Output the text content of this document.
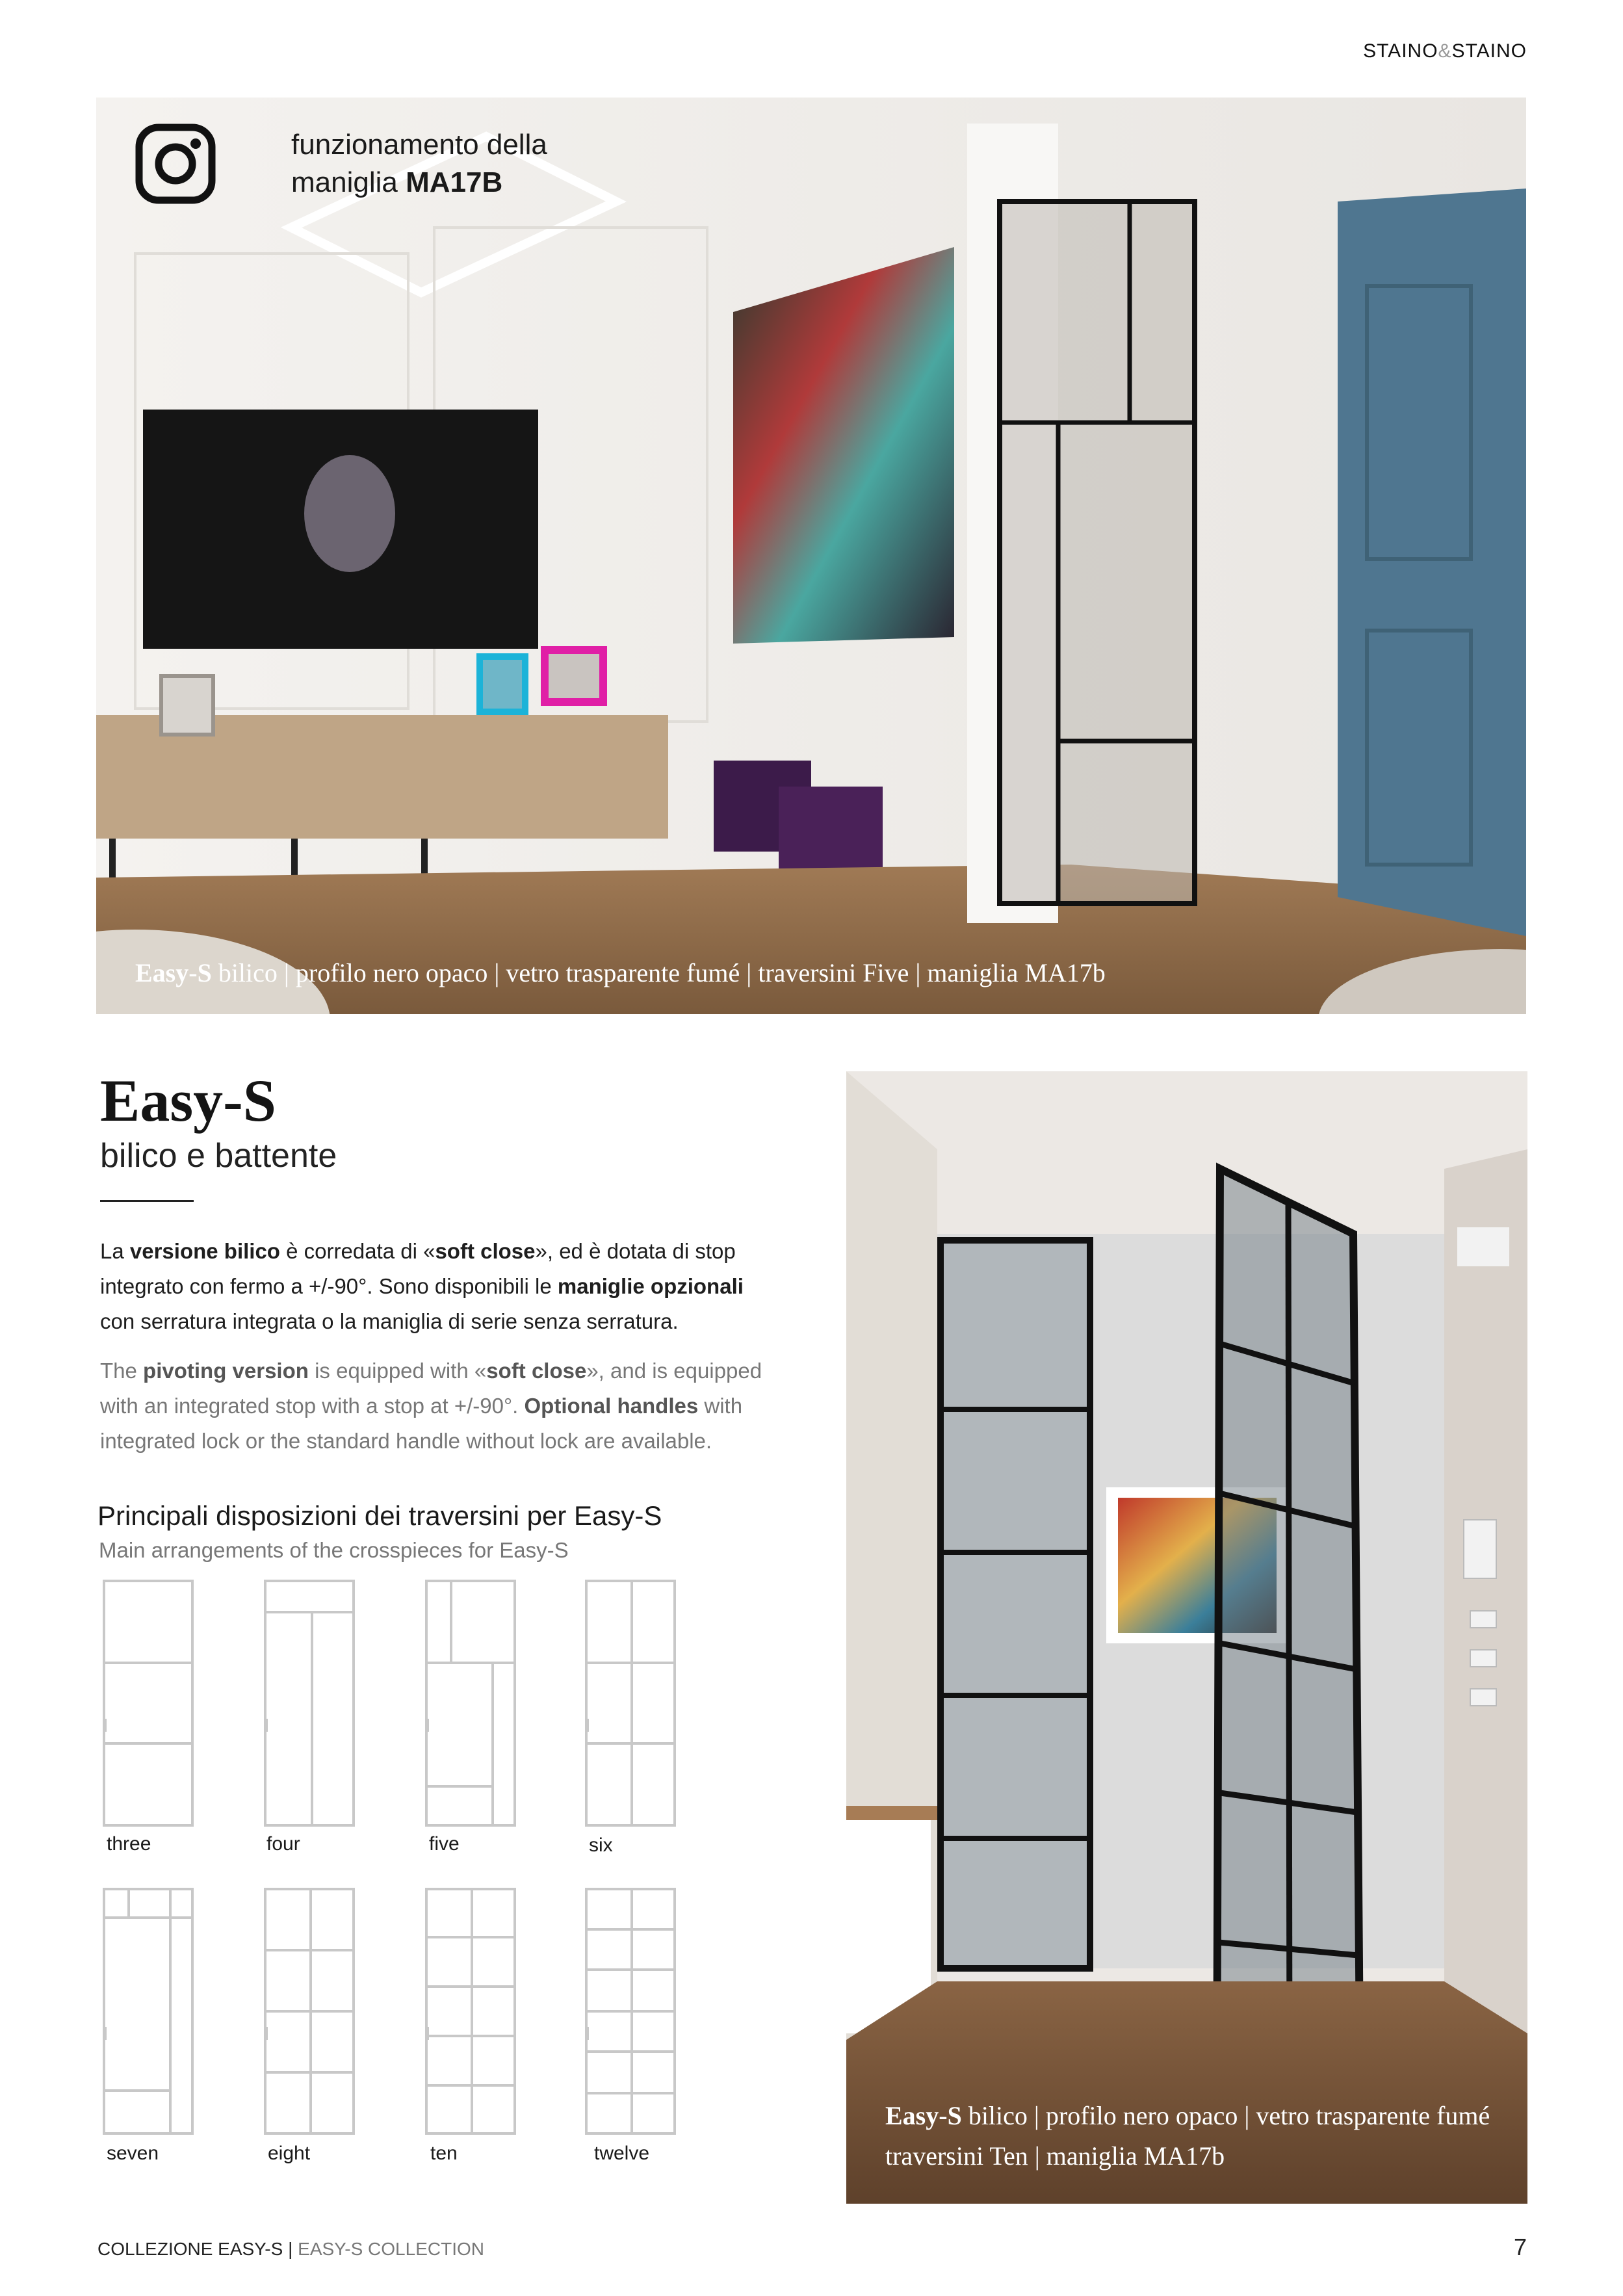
STAINO&STAINO
funzionamento della
maniglia MA17B
Easy-S bilico | profilo nero opaco | vetro trasparente fumé | traversini Five | maniglia MA17b
Easy-S
bilico e battente
La versione bilico è corredata di «soft close», ed è dotata di stop integrato con fermo a +/-90°. Sono disponibili le maniglie opzionali con serratura integrata o la maniglia di serie senza serratura.
The pivoting version is equipped with «soft close», and is equipped with an integrated stop with a stop at +/-90°. Optional handles with integrated lock or the standard handle without lock are available.
Principali disposizioni dei traversini per Easy-S
Main arrangements of the crosspieces for Easy-S
three	four	five	six
seven	eight	ten	twelve
Easy-S bilico | profilo nero opaco | vetro trasparente fumé
traversini Ten | maniglia MA17b
COLLEZIONE EASY-S | EASY-S COLLECTION	7
